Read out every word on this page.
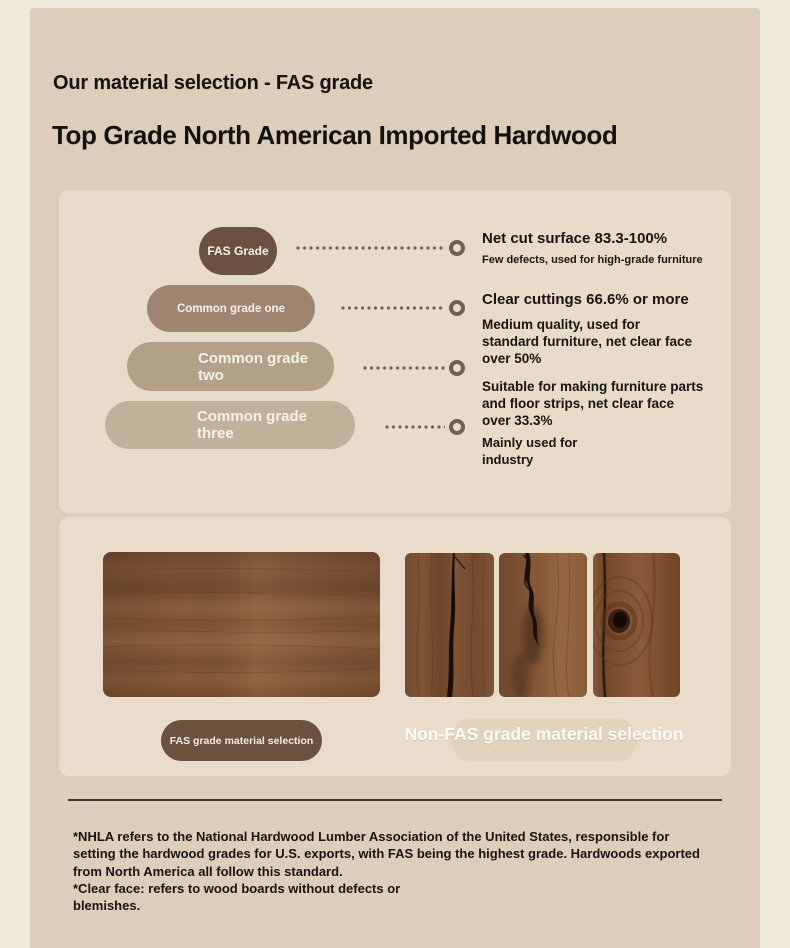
Our material selection - FAS grade
Top Grade North American Imported Hardwood
FAS Grade
Common grade one
Common grade two
Common grade three
Net cut surface 83.3-100%
Few defects, used for high-grade furniture
Clear cuttings 66.6% or more
Medium quality, used for
standard furniture, net clear face
over 50%
Suitable for making furniture parts
and floor strips, net clear face
over 33.3%
Mainly used for
industry
FAS grade material selection	Non-FAS grade material selection
*NHLA refers to the National Hardwood Lumber Association of the United States, responsible for
setting the hardwood grades for U.S. exports, with FAS being the highest grade. Hardwoods exported
from North America all follow this standard.
*Clear face: refers to wood boards without defects or
blemishes.
